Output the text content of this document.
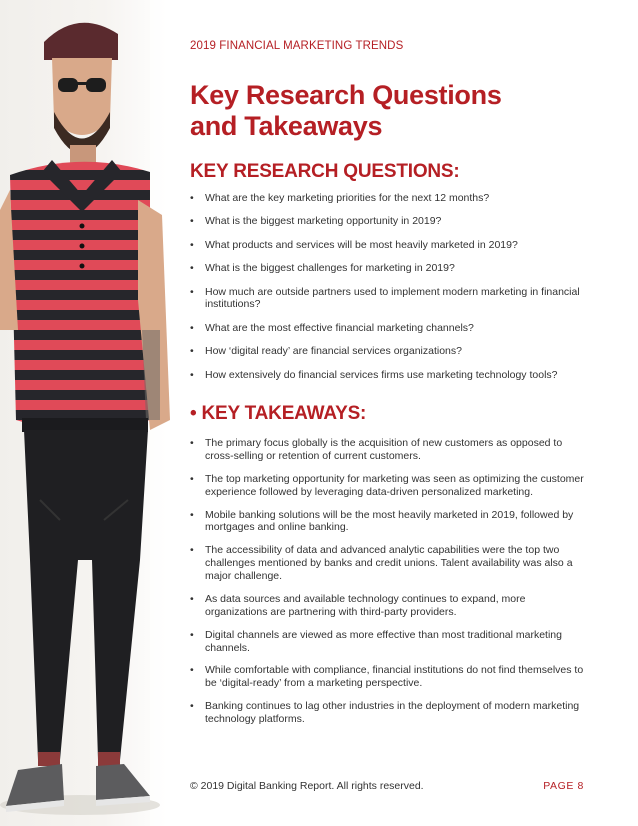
2019 FINANCIAL MARKETING TRENDS
Key Research Questions
and Takeaways
KEY RESEARCH QUESTIONS:
• What are the key marketing priorities for the next 12 months?
• What is the biggest marketing opportunity in 2019?
• What products and services will be most heavily marketed in 2019?
• What is the biggest challenges for marketing in 2019?
• How much are outside partners used to implement modern marketing in financial institutions?
• What are the most effective financial marketing channels?
• How ‘digital ready’ are financial services organizations?
• How extensively do financial services firms use marketing technology tools?
• KEY TAKEAWAYS:
• The primary focus globally is the acquisition of new customers as opposed to cross-selling or retention of current customers.
• The top marketing opportunity for marketing was seen as optimizing the customer experience followed by leveraging data-driven personalized marketing.
• Mobile banking solutions will be the most heavily marketed in 2019, followed by mortgages and online banking.
• The accessibility of data and advanced analytic capabilities were the top two challenges mentioned by banks and credit unions. Talent availability was also a major challenge.
• As data sources and available technology continues to expand, more organizations are partnering with third-party providers.
• Digital channels are viewed as more effective than most traditional marketing channels.
• While comfortable with compliance, financial institutions do not find themselves to be ‘digital-ready’ from a marketing perspective.
• Banking continues to lag other industries in the deployment of modern marketing technology platforms.
© 2019 Digital Banking Report. All rights reserved.	PAGE 8
